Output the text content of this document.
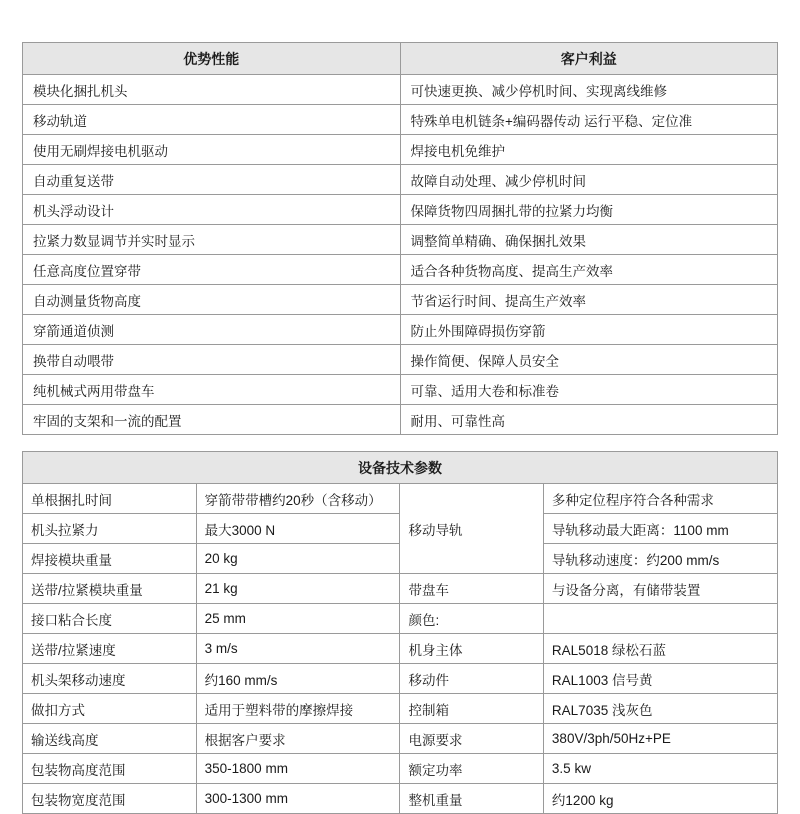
优势性能	客户利益
模块化捆扎机头	可快速更换、减少停机时间、实现离线维修
移动轨道	特殊单电机链条+编码器传动 运行平稳、定位准
使用无刷焊接电机驱动	焊接电机免维护
自动重复送带	故障自动处理、减少停机时间
机头浮动设计	保障货物四周捆扎带的拉紧力均衡
拉紧力数显调节并实时显示	调整简单精确、确保捆扎效果
任意高度位置穿带	适合各种货物高度、提高生产效率
自动测量货物高度	节省运行时间、提高生产效率
穿箭通道侦测	防止外围障碍损伤穿箭
换带自动喂带	操作简便、保障人员安全
纯机械式两用带盘车	可靠、适用大卷和标准卷
牢固的支架和一流的配置	耐用、可靠性高
设备技术参数			
单根捆扎时间	穿箭带带槽约20秒（含移动）	移动导轨	多种定位程序符合各种需求
机头拉紧力	最大3000 N		导轨移动最大距离：1100 mm
焊接模块重量	20 kg		导轨移动速度：约200 mm/s
送带/拉紧模块重量	21 kg	带盘车	与设备分离，有储带装置
接口粘合长度	25 mm	颜色:	
送带/拉紧速度	3 m/s	机身主体	RAL5018 绿松石蓝
机头架移动速度	约160 mm/s	移动件	RAL1003 信号黄
做扣方式	适用于塑料带的摩擦焊接	控制箱	RAL7035 浅灰色
输送线高度	根据客户要求	电源要求	380V/3ph/50Hz+PE
包装物高度范围	350-1800 mm	额定功率	3.5 kw
包装物宽度范围	300-1300 mm	整机重量	约1200 kg
